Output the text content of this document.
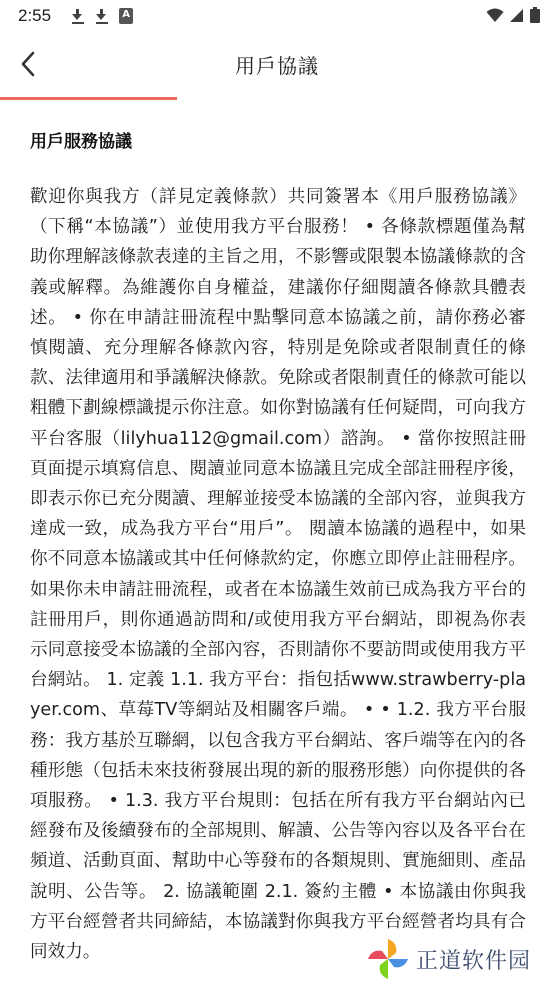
2:55	A
用戶協議
用戶服務協議
歡迎你與我方（詳見定義條款）共同簽署本《用戶服務協議》（下稱“本協議”）並使用我方平台服務！ • 各條款標題僅為幫助你理解該條款表達的主旨之用，不影響或限製本協議條款的含義或解釋。為維護你自身權益，建議你仔細閱讀各條款具體表述。 • 你在申請註冊流程中點擊同意本協議之前，請你務必審慎閱讀、充分理解各條款內容，特別是免除或者限制責任的條款、法律適用和爭議解決條款。免除或者限制責任的條款可能以粗體下劃線標識提示你注意。如你對協議有任何疑問，可向我方平台客服（lilyhua112@gmail.com）諮詢。 • 當你按照註冊頁面提示填寫信息、閱讀並同意本協議且完成全部註冊程序後，即表示你已充分閱讀、理解並接受本協議的全部內容，並與我方達成一致，成為我方平台“用戶”。 閱讀本協議的過程中，如果你不同意本協議或其中任何條款約定，你應立即停止註冊程序。如果你未申請註冊流程，或者在本協議生效前已成為我方平台的註冊用戶，則你通過訪問和/或使用我方平台網站，即視為你表示同意接受本協議的全部內容，否則請你不要訪問或使用我方平台網站。 1. 定義 1.1. 我方平台：指包括www.strawberry-player.com、草莓TV等網站及相關客戶端。 • • 1.2. 我方平台服務：我方基於互聯網，以包含我方平台網站、客戶端等在內的各種形態（包括未來技術發展出現的新的服務形態）向你提供的各項服務。 • 1.3. 我方平台規則：包括在所有我方平台網站內已經發布及後續發布的全部規則、解讀、公告等內容以及各平台在頻道、活動頁面、幫助中心等發布的各類規則、實施細則、產品說明、公告等。 2. 協議範圍 2.1. 簽約主體 • 本協議由你與我方平台經營者共同締結，本協議對你與我方平台經營者均具有合同效力。	正道软件园
